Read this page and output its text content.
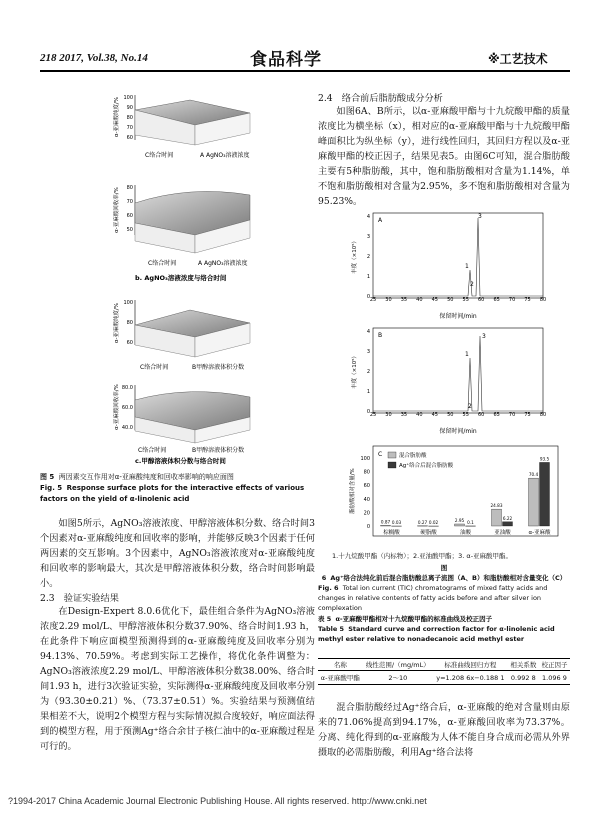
218 2017, Vol.38, No.14	食品科学	※工艺技术
100
90
80
70
60
α-亚麻酸纯度/%
C络合时间	A AgNO₃溶液浓度
α-亚麻酸回收率/% 80
70
60
50
C络合时间	A AgNO₃溶液浓度
b. AgNO₃溶液浓度与络合时间
α-亚麻酸纯度/% 100
80
60
C络合时间	B甲醇溶液体积分数
α-亚麻酸回收率/% 80.0
60.0
40.0
C络合时间	B甲醇溶液体积分数
c.甲醇溶液体积分数与络合时间
图 5 两因素交互作用对α-亚麻酸纯度和回收率影响的响应面图
Fig. 5 Response surface plots for the interactive effects of various factors on the yield of α-linolenic acid
如图5所示，AgNO₃溶液浓度、甲醇溶液体积分数、络合时间3个因素对α-亚麻酸纯度和回收率的影响，并能够反映3个因素于任何两因素的交互影响。3个因素中，AgNO₃溶液浓度对α-亚麻酸纯度和回收率的影响最大，其次是甲醇溶液体积分数，络合时间影响最小。
2.3　验证实验结果
在Design-Expert 8.0.6优化下，最佳组合条件为AgNO₃溶液浓度2.29 mol/L、甲醇溶液体积分数37.90%、络合时间1.93 h，在此条件下响应面模型预测得到的α-亚麻酸纯度及回收率分别为94.13%、70.59%。考虑到实际工艺操作，将优化条件调整为：AgNO₃溶液浓度2.29 mol/L、甲醇溶液体积分数38.00%、络合时间1.93 h，进行3次验证实验，实际测得α-亚麻酸纯度及回收率分别为（93.30±0.21）%、（73.37±0.51）%。实验结果与预测值结果相差不大，说明2个模型方程与实际情况拟合度较好，响应面法得到的模型方程，用于预测Ag⁺络合余甘子核仁油中的α-亚麻酸过程是可行的。
2.4　络合前后脂肪酸成分分析
如图6A、B所示，以α-亚麻酸甲酯与十九烷酸甲酯的质量浓度比为横坐标（x），相对应的α-亚麻酸甲酯与十九烷酸甲酯峰面积比为纵坐标（y），进行线性回归，其回归方程以及α-亚麻酸甲酯的校正因子，结果见表5。由图6C可知，混合脂肪酸主要有5种脂肪酸，其中，饱和脂肪酸相对含量为1.14%，单不饱和脂肪酸相对含量为2.95%，多不饱和脂肪酸相对含量为95.23%。
A
丰度（×10⁵）
保留时间/min
25 30 35 40 45 50 55 60 65 70 75 80
4
3
2
1
0
1
2
3
B
丰度（×10⁵）
保留时间/min
25 30 35 40 45 50 55 60 65 70 75 80
4
3
2
1
0
1
2
3
C
脂肪酸相对含量/%
混合脂肪酸
Ag⁺络合后混合脂肪酸
100
80
60
40
20
0
0.87 0.03
棕榈酸
0.27 0.02
硬脂酸
2.95 0.1
油酸
24.83
6.22
亚油酸
70.4
93.5
α-亚麻酸
1.十九烷酸甲酯（内标物）；2.亚油酸甲酯；3. α-亚麻酸甲酯。
图 6 Ag⁺络合法纯化前后混合脂肪酸总离子流图（A、B）和脂肪酸相对含量变化（C）
Fig. 6 Total ion current (TIC) chromatograms of mixed fatty acids and changes in relative contents of fatty acids before and after silver ion complexation
表 5 α-亚麻酸甲酯相对十九烷酸甲酯的标准曲线及校正因子
Table 5 Standard curve and correction factor for α-linolenic acid methyl ester relative to nonadecanoic acid methyl ester
名称	线性范围/（mg/mL）	标准曲线回归方程	相关系数	校正因子
α-亚麻酸甲酯	2～10	y=1.208 6x−0.188 1	0.992 8	1.096 9
混合脂肪酸经过Ag⁺络合后，α-亚麻酸的绝对含量则由原来的71.06%提高到94.17%，α-亚麻酸回收率为73.37%。分离、纯化得到的α-亚麻酸为人体不能自身合成而必需从外界摄取的必需脂肪酸，利用Ag⁺络合法将
?1994-2017 China Academic Journal Electronic Publishing House. All rights reserved. http://www.cnki.net
